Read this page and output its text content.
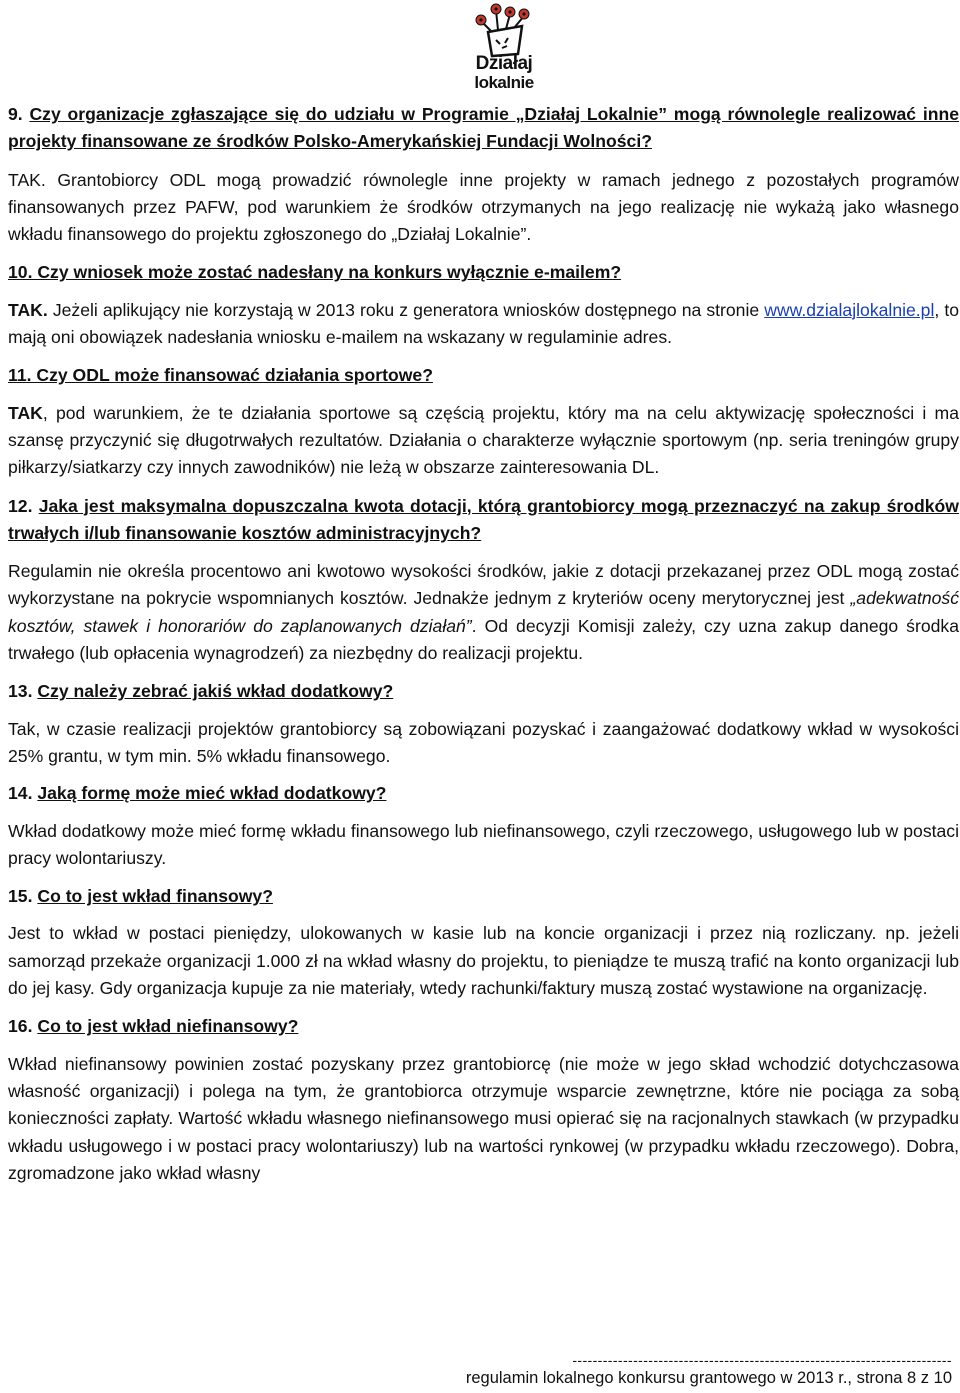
Działaj
lokalnie

9. Czy organizacje zgłaszające się do udziału w Programie „Działaj Lokalnie” mogą równolegle realizować inne projekty finansowane ze środków Polsko-Amerykańskiej Fundacji Wolności?

TAK. Grantobiorcy ODL mogą prowadzić równolegle inne projekty w ramach jednego z pozostałych programów finansowanych przez PAFW, pod warunkiem że środków otrzymanych na jego realizację nie wykażą jako własnego wkładu finansowego do projektu zgłoszonego do „Działaj Lokalnie”.

10. Czy wniosek może zostać nadesłany na konkurs wyłącznie e-mailem?

TAK. Jeżeli aplikujący nie korzystają w 2013 roku z generatora wniosków dostępnego na stronie www.dzialajlokalnie.pl, to mają oni obowiązek nadesłania wniosku e-mailem na wskazany w regulaminie adres.

11. Czy ODL może finansować działania sportowe?

TAK, pod warunkiem, że te działania sportowe są częścią projektu, który ma na celu aktywizację społeczności i ma szansę przyczynić się długotrwałych rezultatów. Działania o charakterze wyłącznie sportowym (np. seria treningów grupy piłkarzy/siatkarzy czy innych zawodników) nie leżą w obszarze zainteresowania DL.

12. Jaka jest maksymalna dopuszczalna kwota dotacji, którą grantobiorcy mogą przeznaczyć na zakup środków trwałych i/lub finansowanie kosztów administracyjnych?

Regulamin nie określa procentowo ani kwotowo wysokości środków, jakie z dotacji przekazanej przez ODL mogą zostać wykorzystane na pokrycie wspomnianych kosztów. Jednakże jednym z kryteriów oceny merytorycznej jest „adekwatność kosztów, stawek i honorariów do zaplanowanych działań”. Od decyzji Komisji zależy, czy uzna zakup danego środka trwałego (lub opłacenia wynagrodzeń) za niezbędny do realizacji projektu.

13. Czy należy zebrać jakiś wkład dodatkowy?

Tak, w czasie realizacji projektów grantobiorcy są zobowiązani pozyskać i zaangażować dodatkowy wkład w wysokości 25% grantu, w tym min. 5% wkładu finansowego.

14. Jaką formę może mieć wkład dodatkowy?

Wkład dodatkowy może mieć formę wkładu finansowego lub niefinansowego, czyli rzeczowego, usługowego lub w postaci pracy wolontariuszy.

15. Co to jest wkład finansowy?

Jest to wkład w postaci pieniędzy, ulokowanych w kasie lub na koncie organizacji i przez nią rozliczany. np. jeżeli samorząd przekaże organizacji 1.000 zł na wkład własny do projektu, to pieniądze te muszą trafić na konto organizacji lub do jej kasy. Gdy organizacja kupuje za nie materiały, wtedy rachunki/faktury muszą zostać wystawione na organizację.

16. Co to jest wkład niefinansowy?

Wkład niefinansowy powinien zostać pozyskany przez grantobiorcę (nie może w jego skład wchodzić dotychczasowa własność organizacji) i polega na tym, że grantobiorca otrzymuje wsparcie zewnętrzne, które nie pociąga za sobą konieczności zapłaty. Wartość wkładu własnego niefinansowego musi opierać się na racjonalnych stawkach (w przypadku wkładu usługowego i w postaci pracy wolontariuszy) lub na wartości rynkowej (w przypadku wkładu rzeczowego). Dobra, zgromadzone jako wkład własny

---------------------------------------------------------------------------
regulamin lokalnego konkursu grantowego w 2013 r., strona 8 z 10
